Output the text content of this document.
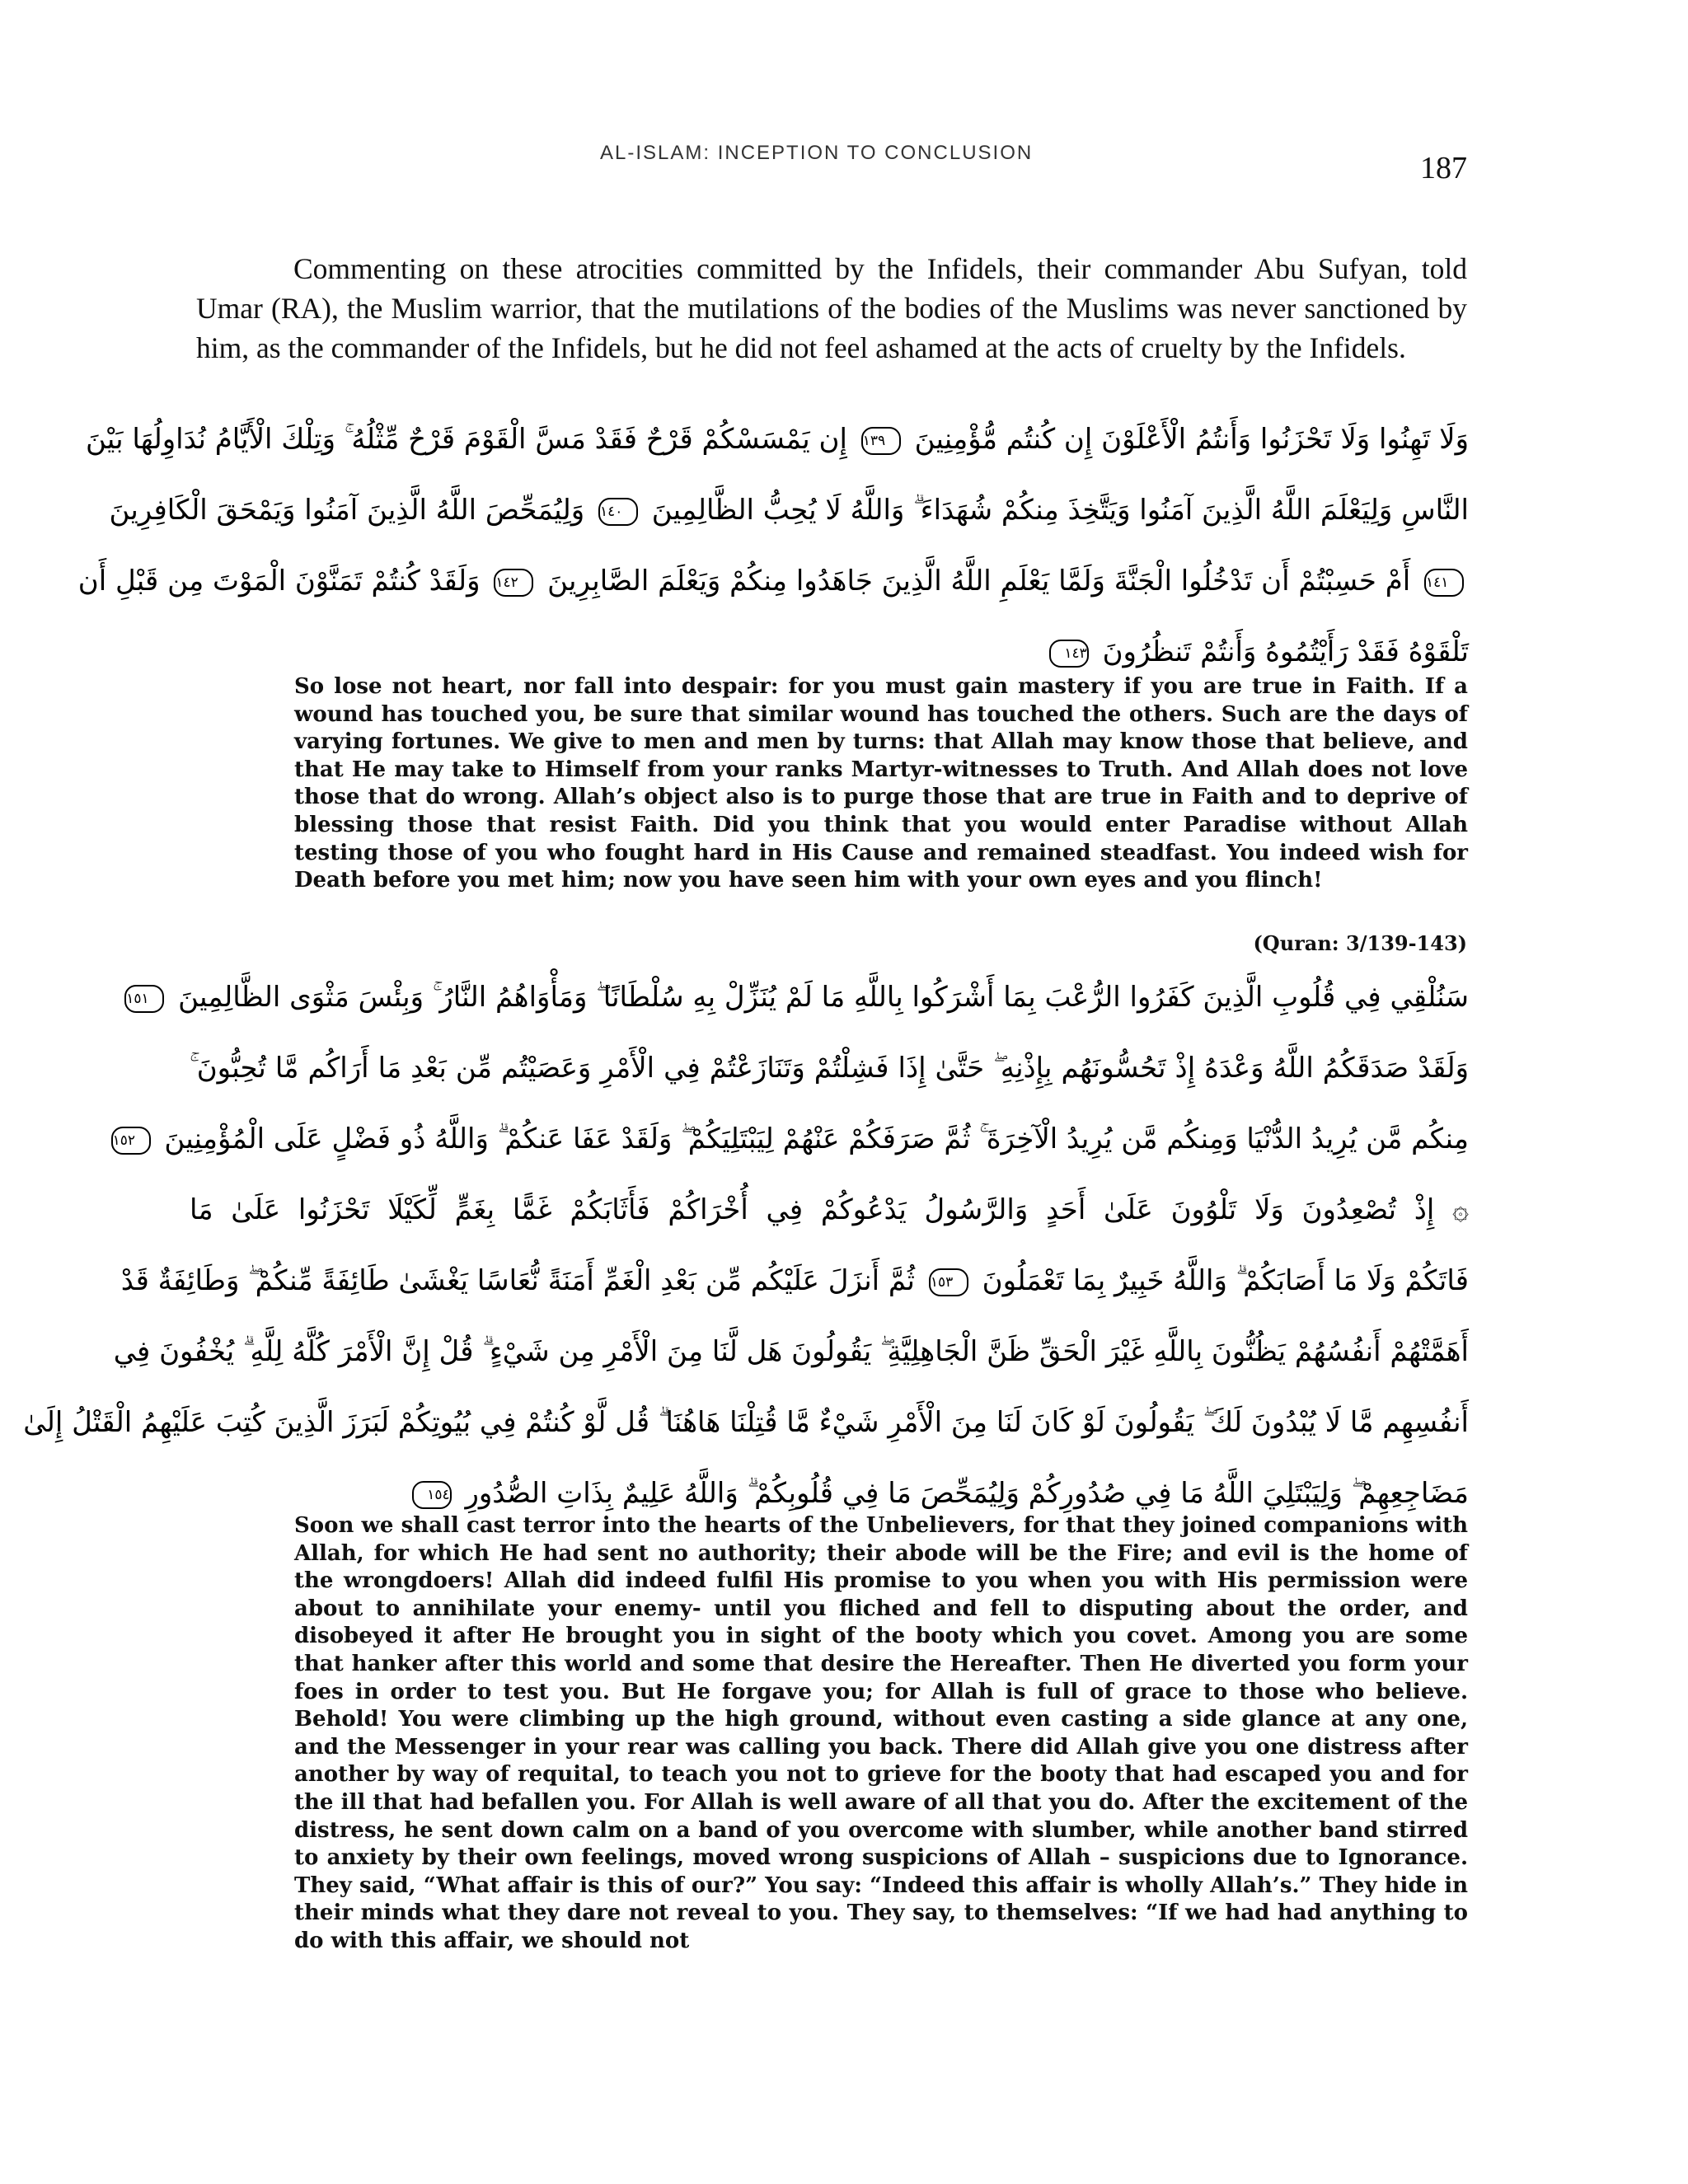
AL-ISLAM: INCEPTION TO CONCLUSION	187

Commenting on these atrocities committed by the Infidels, their commander Abu Sufyan, told Umar (RA), the Muslim warrior, that the mutilations of the bodies of the Muslims was never sanctioned by him, as the commander of the Infidels, but he did not feel ashamed at the acts of cruelty by the Infidels.

وَلَا تَهِنُوا وَلَا تَحْزَنُوا وَأَنتُمُ الْأَعْلَوْنَ إِن كُنتُم مُّؤْمِنِينَ ١٣٩ إِن يَمْسَسْكُمْ قَرْحٌ فَقَدْ مَسَّ الْقَوْمَ قَرْحٌ مِّثْلُهُ ۚ وَتِلْكَ الْأَيَّامُ نُدَاوِلُهَا بَيْنَ
النَّاسِ وَلِيَعْلَمَ اللَّهُ الَّذِينَ آمَنُوا وَيَتَّخِذَ مِنكُمْ شُهَدَاءَ ۗ وَاللَّهُ لَا يُحِبُّ الظَّالِمِينَ ١٤٠ وَلِيُمَحِّصَ اللَّهُ الَّذِينَ آمَنُوا وَيَمْحَقَ الْكَافِرِينَ
١٤١ أَمْ حَسِبْتُمْ أَن تَدْخُلُوا الْجَنَّةَ وَلَمَّا يَعْلَمِ اللَّهُ الَّذِينَ جَاهَدُوا مِنكُمْ وَيَعْلَمَ الصَّابِرِينَ ١٤٢ وَلَقَدْ كُنتُمْ تَمَنَّوْنَ الْمَوْتَ مِن قَبْلِ أَن
تَلْقَوْهُ فَقَدْ رَأَيْتُمُوهُ وَأَنتُمْ تَنظُرُونَ ١٤٣

So lose not heart, nor fall into despair: for you must gain mastery if you are true in Faith. If a wound has touched you, be sure that similar wound has touched the others. Such are the days of varying fortunes. We give to men and men by turns: that Allah may know those that believe, and that He may take to Himself from your ranks Martyr-witnesses to Truth. And Allah does not love those that do wrong. Allah’s object also is to purge those that are true in Faith and to deprive of blessing those that resist Faith. Did you think that you would enter Paradise without Allah testing those of you who fought hard in His Cause and remained steadfast. You indeed wish for Death before you met him; now you have seen him with your own eyes and you flinch!

(Quran: 3/139-143)
سَنُلْقِي فِي قُلُوبِ الَّذِينَ كَفَرُوا الرُّعْبَ بِمَا أَشْرَكُوا بِاللَّهِ مَا لَمْ يُنَزِّلْ بِهِ سُلْطَانًا ۖ وَمَأْوَاهُمُ النَّارُ ۚ وَبِئْسَ مَثْوَى الظَّالِمِينَ ١٥١
وَلَقَدْ صَدَقَكُمُ اللَّهُ وَعْدَهُ إِذْ تَحُسُّونَهُم بِإِذْنِهِ ۖ حَتَّىٰ إِذَا فَشِلْتُمْ وَتَنَازَعْتُمْ فِي الْأَمْرِ وَعَصَيْتُم مِّن بَعْدِ مَا أَرَاكُم مَّا تُحِبُّونَ ۚ
مِنكُم مَّن يُرِيدُ الدُّنْيَا وَمِنكُم مَّن يُرِيدُ الْآخِرَةَ ۚ ثُمَّ صَرَفَكُمْ عَنْهُمْ لِيَبْتَلِيَكُمْ ۖ وَلَقَدْ عَفَا عَنكُمْ ۗ وَاللَّهُ ذُو فَضْلٍ عَلَى الْمُؤْمِنِينَ ١٥٢
۞ إِذْ تُصْعِدُونَ وَلَا تَلْوُونَ عَلَىٰ أَحَدٍ وَالرَّسُولُ يَدْعُوكُمْ فِي أُخْرَاكُمْ فَأَثَابَكُمْ غَمًّا بِغَمٍّ لِّكَيْلَا تَحْزَنُوا عَلَىٰ مَا
فَاتَكُمْ وَلَا مَا أَصَابَكُمْ ۗ وَاللَّهُ خَبِيرٌ بِمَا تَعْمَلُونَ ١٥٣ ثُمَّ أَنزَلَ عَلَيْكُم مِّن بَعْدِ الْغَمِّ أَمَنَةً نُّعَاسًا يَغْشَىٰ طَائِفَةً مِّنكُمْ ۖ وَطَائِفَةٌ قَدْ
أَهَمَّتْهُمْ أَنفُسُهُمْ يَظُنُّونَ بِاللَّهِ غَيْرَ الْحَقِّ ظَنَّ الْجَاهِلِيَّةِ ۖ يَقُولُونَ هَل لَّنَا مِنَ الْأَمْرِ مِن شَيْءٍ ۗ قُلْ إِنَّ الْأَمْرَ كُلَّهُ لِلَّهِ ۗ يُخْفُونَ فِي
أَنفُسِهِم مَّا لَا يُبْدُونَ لَكَ ۖ يَقُولُونَ لَوْ كَانَ لَنَا مِنَ الْأَمْرِ شَيْءٌ مَّا قُتِلْنَا هَاهُنَا ۗ قُل لَّوْ كُنتُمْ فِي بُيُوتِكُمْ لَبَرَزَ الَّذِينَ كُتِبَ عَلَيْهِمُ الْقَتْلُ إِلَىٰ
مَضَاجِعِهِمْ ۖ وَلِيَبْتَلِيَ اللَّهُ مَا فِي صُدُورِكُمْ وَلِيُمَحِّصَ مَا فِي قُلُوبِكُمْ ۗ وَاللَّهُ عَلِيمٌ بِذَاتِ الصُّدُورِ ١٥٤

Soon we shall cast terror into the hearts of the Unbelievers, for that they joined companions with Allah, for which He had sent no authority; their abode will be the Fire; and evil is the home of the wrongdoers! Allah did indeed fulfil His promise to you when you with His permission were about to annihilate your enemy- until you fliched and fell to disputing about the order, and disobeyed it after He brought you in sight of the booty which you covet. Among you are some that hanker after this world and some that desire the Hereafter. Then He diverted you form your foes in order to test you. But He forgave you; for Allah is full of grace to those who believe. Behold! You were climbing up the high ground, without even casting a side glance at any one, and the Messenger in your rear was calling you back. There did Allah give you one distress after another by way of requital, to teach you not to grieve for the booty that had escaped you and for the ill that had befallen you. For Allah is well aware of all that you do. After the excitement of the distress, he sent down calm on a band of you overcome with slumber, while another band stirred to anxiety by their own feelings, moved wrong suspicions of Allah – suspicions due to Ignorance. They said, “What affair is this of our?” You say: “Indeed this affair is wholly Allah’s.” They hide in their minds what they dare not reveal to you. They say, to themselves: “If we had had anything to do with this affair, we should not
